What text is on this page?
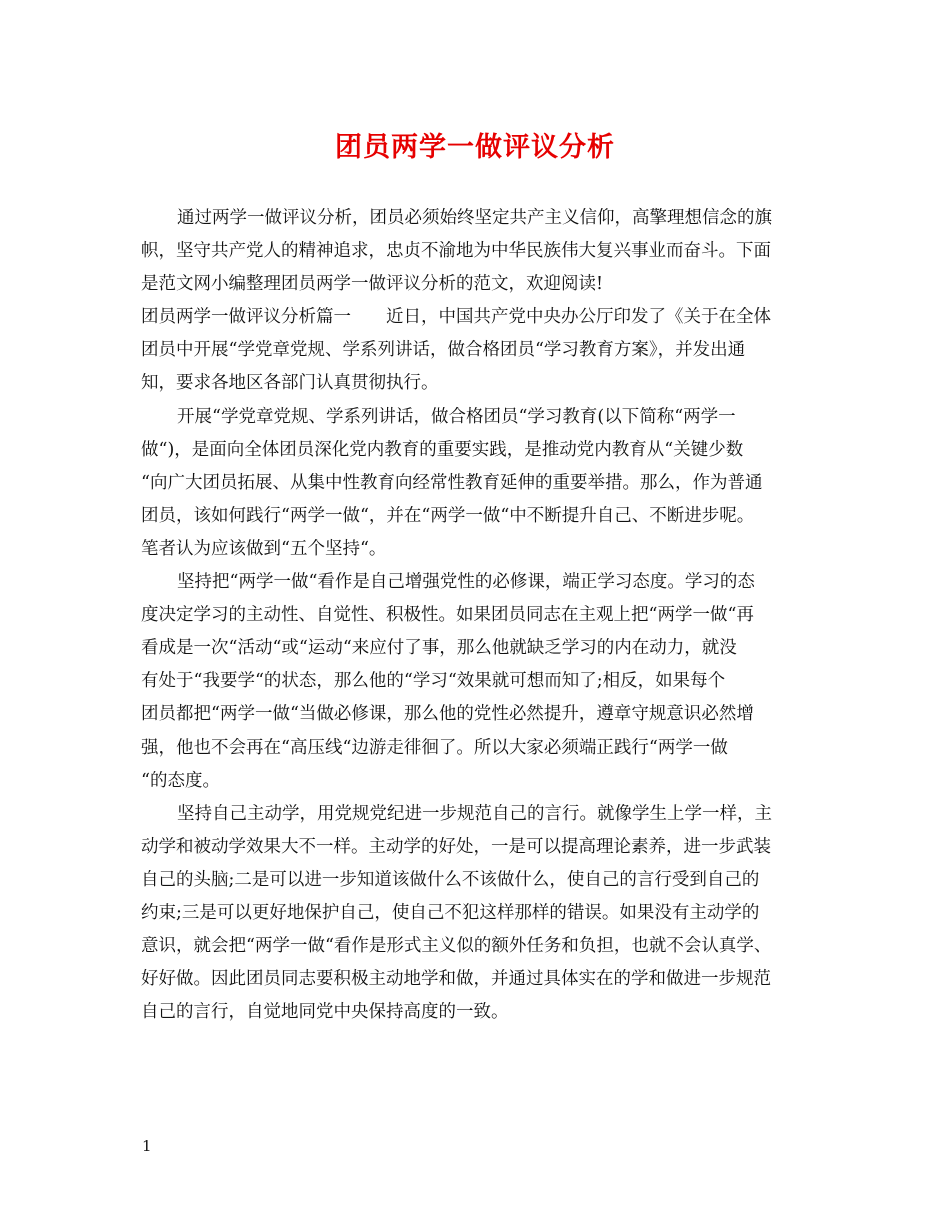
团员两学一做评议分析
通过两学一做评议分析，团员必须始终坚定共产主义信仰，高擎理想信念的旗
帜，坚守共产党人的精神追求，忠贞不渝地为中华民族伟大复兴事业而奋斗。下面
是范文网小编整理团员两学一做评议分析的范文，欢迎阅读!
团员两学一做评议分析篇一　　近日，中国共产党中央办公厅印发了《关于在全体
团员中开展“学党章党规、学系列讲话，做合格团员“学习教育方案》，并发出通
知，要求各地区各部门认真贯彻执行。
开展“学党章党规、学系列讲话，做合格团员“学习教育(以下简称“两学一
做“)，是面向全体团员深化党内教育的重要实践，是推动党内教育从“关键少数
“向广大团员拓展、从集中性教育向经常性教育延伸的重要举措。那么，作为普通
团员，该如何践行“两学一做“，并在“两学一做“中不断提升自己、不断进步呢。
笔者认为应该做到“五个坚持“。
坚持把“两学一做“看作是自己增强党性的必修课，端正学习态度。学习的态
度决定学习的主动性、自觉性、积极性。如果团员同志在主观上把“两学一做“再
看成是一次“活动“或“运动“来应付了事，那么他就缺乏学习的内在动力，就没
有处于“我要学“的状态，那么他的“学习“效果就可想而知了;相反，如果每个
团员都把“两学一做“当做必修课，那么他的党性必然提升，遵章守规意识必然增
强，他也不会再在“高压线“边游走徘徊了。所以大家必须端正践行“两学一做
“的态度。
坚持自己主动学，用党规党纪进一步规范自己的言行。就像学生上学一样，主
动学和被动学效果大不一样。主动学的好处，一是可以提高理论素养，进一步武装
自己的头脑;二是可以进一步知道该做什么不该做什么，使自己的言行受到自己的
约束;三是可以更好地保护自己，使自己不犯这样那样的错误。如果没有主动学的
意识，就会把“两学一做“看作是形式主义似的额外任务和负担，也就不会认真学、
好好做。因此团员同志要积极主动地学和做，并通过具体实在的学和做进一步规范
自己的言行，自觉地同党中央保持高度的一致。
1
